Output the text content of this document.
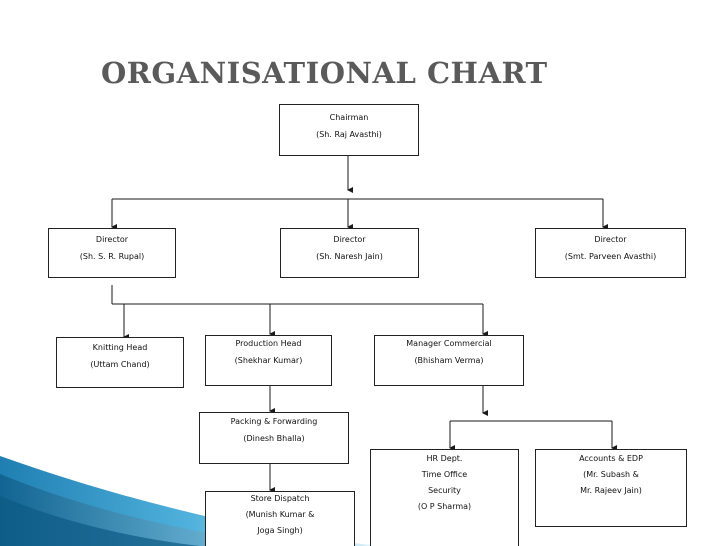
ORGANISATIONAL CHART
Chairman
(Sh. Raj Avasthi)
Director
(Sh. S. R. Rupal)
Director
(Sh. Naresh Jain)
Director
(Smt. Parveen Avasthi)
Knitting Head
(Uttam Chand)
Production Head
(Shekhar Kumar)
Manager Commercial
(Bhisham Verma)
Packing & Forwarding
(Dinesh Bhalla)
Store Dispatch
(Munish Kumar &
Joga Singh)
HR Dept.
Time Office
Security
(O P Sharma)
Accounts & EDP
(Mr. Subash &
Mr. Rajeev Jain)
